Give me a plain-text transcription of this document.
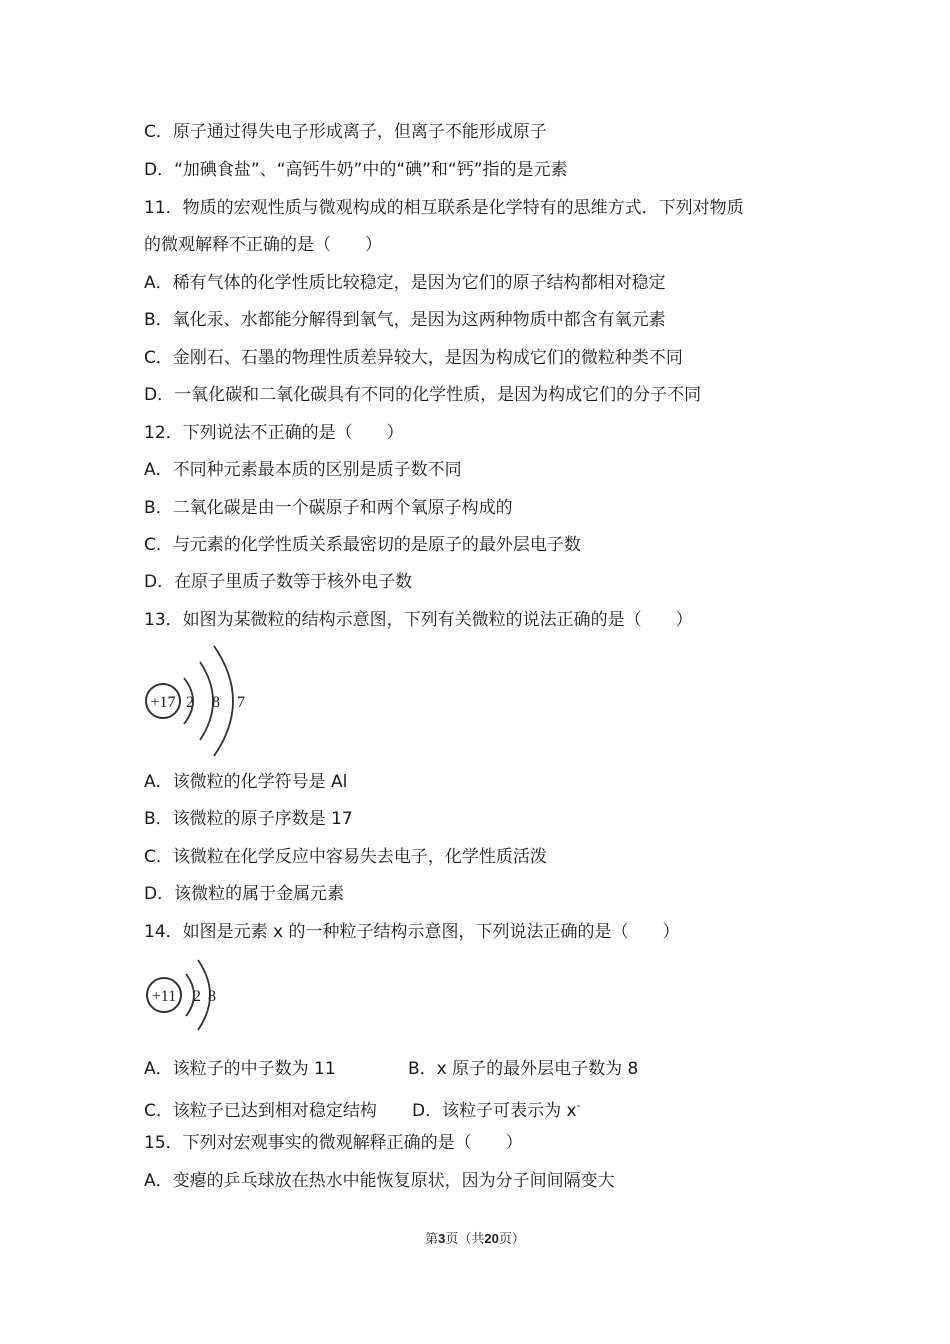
C．原子通过得失电子形成离子，但离子不能形成原子
D．“加碘食盐”、“高钙牛奶”中的“碘”和“钙”指的是元素
11．物质的宏观性质与微观构成的相互联系是化学特有的思维方式．下列对物质
的微观解释不正确的是（　　）
A．稀有气体的化学性质比较稳定，是因为它们的原子结构都相对稳定
B．氧化汞、水都能分解得到氧气，是因为这两种物质中都含有氧元素
C．金刚石、石墨的物理性质差异较大，是因为构成它们的微粒种类不同
D．一氧化碳和二氧化碳具有不同的化学性质，是因为构成它们的分子不同
12．下列说法不正确的是（　　）
A．不同种元素最本质的区别是质子数不同
B．二氧化碳是由一个碳原子和两个氧原子构成的
C．与元素的化学性质关系最密切的是原子的最外层电子数
D．在原子里质子数等于核外电子数
13．如图为某微粒的结构示意图，下列有关微粒的说法正确的是（　　）
+17 2 8 7
A．该微粒的化学符号是 Al
B．该微粒的原子序数是 17
C．该微粒在化学反应中容易失去电子，化学性质活泼
D．该微粒的属于金属元素
14．如图是元素 x 的一种粒子结构示意图，下列说法正确的是（　　）
+11 2 8
A．该粒子的中子数为 11	B．x 原子的最外层电子数为 8
C．该粒子已达到相对稳定结构 D．该粒子可表示为 x-
15．下列对宏观事实的微观解释正确的是（　　）
A．变瘪的乒乓球放在热水中能恢复原状，因为分子间间隔变大
第3页（共20页）
